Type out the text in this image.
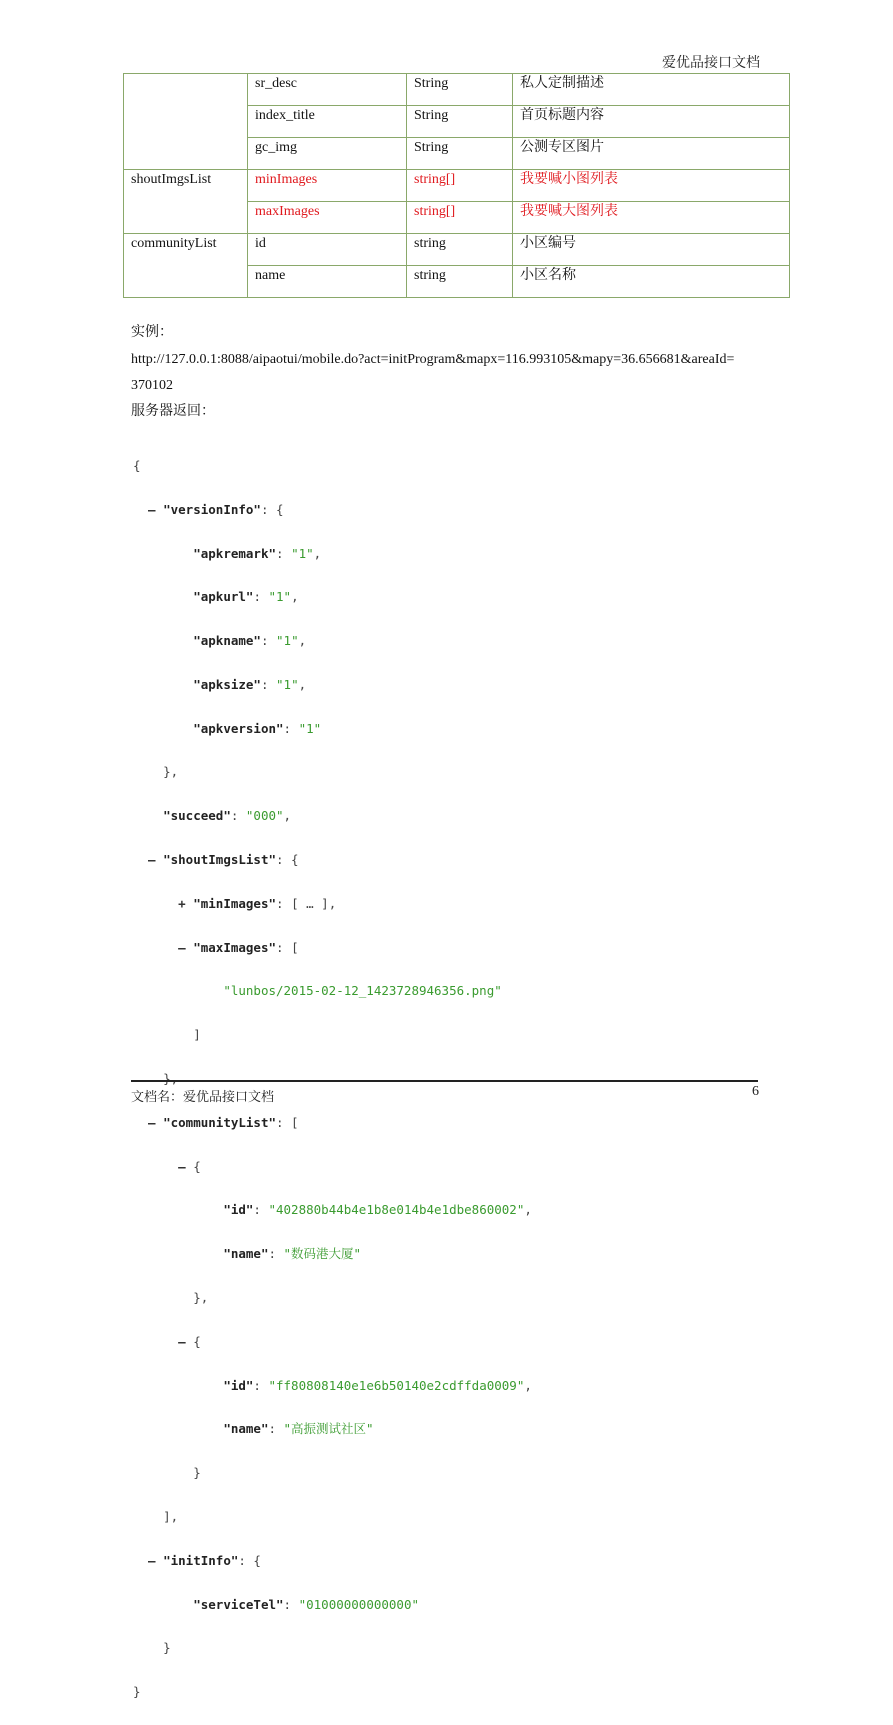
爱优品接口文档
	sr_desc	String	私人定制描述
	index_title	String	首页标题内容
	gc_img	String	公测专区图片
shoutImgsList	minImages	string[]	我要喊小图列表
	maxImages	string[]	我要喊大图列表
communityList	id	string	小区编号
	name	string	小区名称
实例：
http://127.0.0.1:8088/aipaotui/mobile.do?act=initProgram&mapx=116.993105&mapy=36.656681&areaId=
370102
服务器返回：

{

– "versionInfo": {

"apkremark": "1",

"apkurl": "1",

"apkname": "1",

"apksize": "1",

"apkversion": "1"

},

"succeed": "000",

– "shoutImgsList": {

+ "minImages": [ … ],

– "maxImages": [

"lunbos/2015-02-12_1423728946356.png"

]

},

– "communityList": [

– {

"id": "402880b44b4e1b8e014b4e1dbe860002",

"name": "数码港大厦"

},

– {

"id": "ff80808140e1e6b50140e2cdffda0009",

"name": "高振测试社区"

}

],

– "initInfo": {

"serviceTel": "01000000000000"

}

}

文档名：爱优品接口文档	6
